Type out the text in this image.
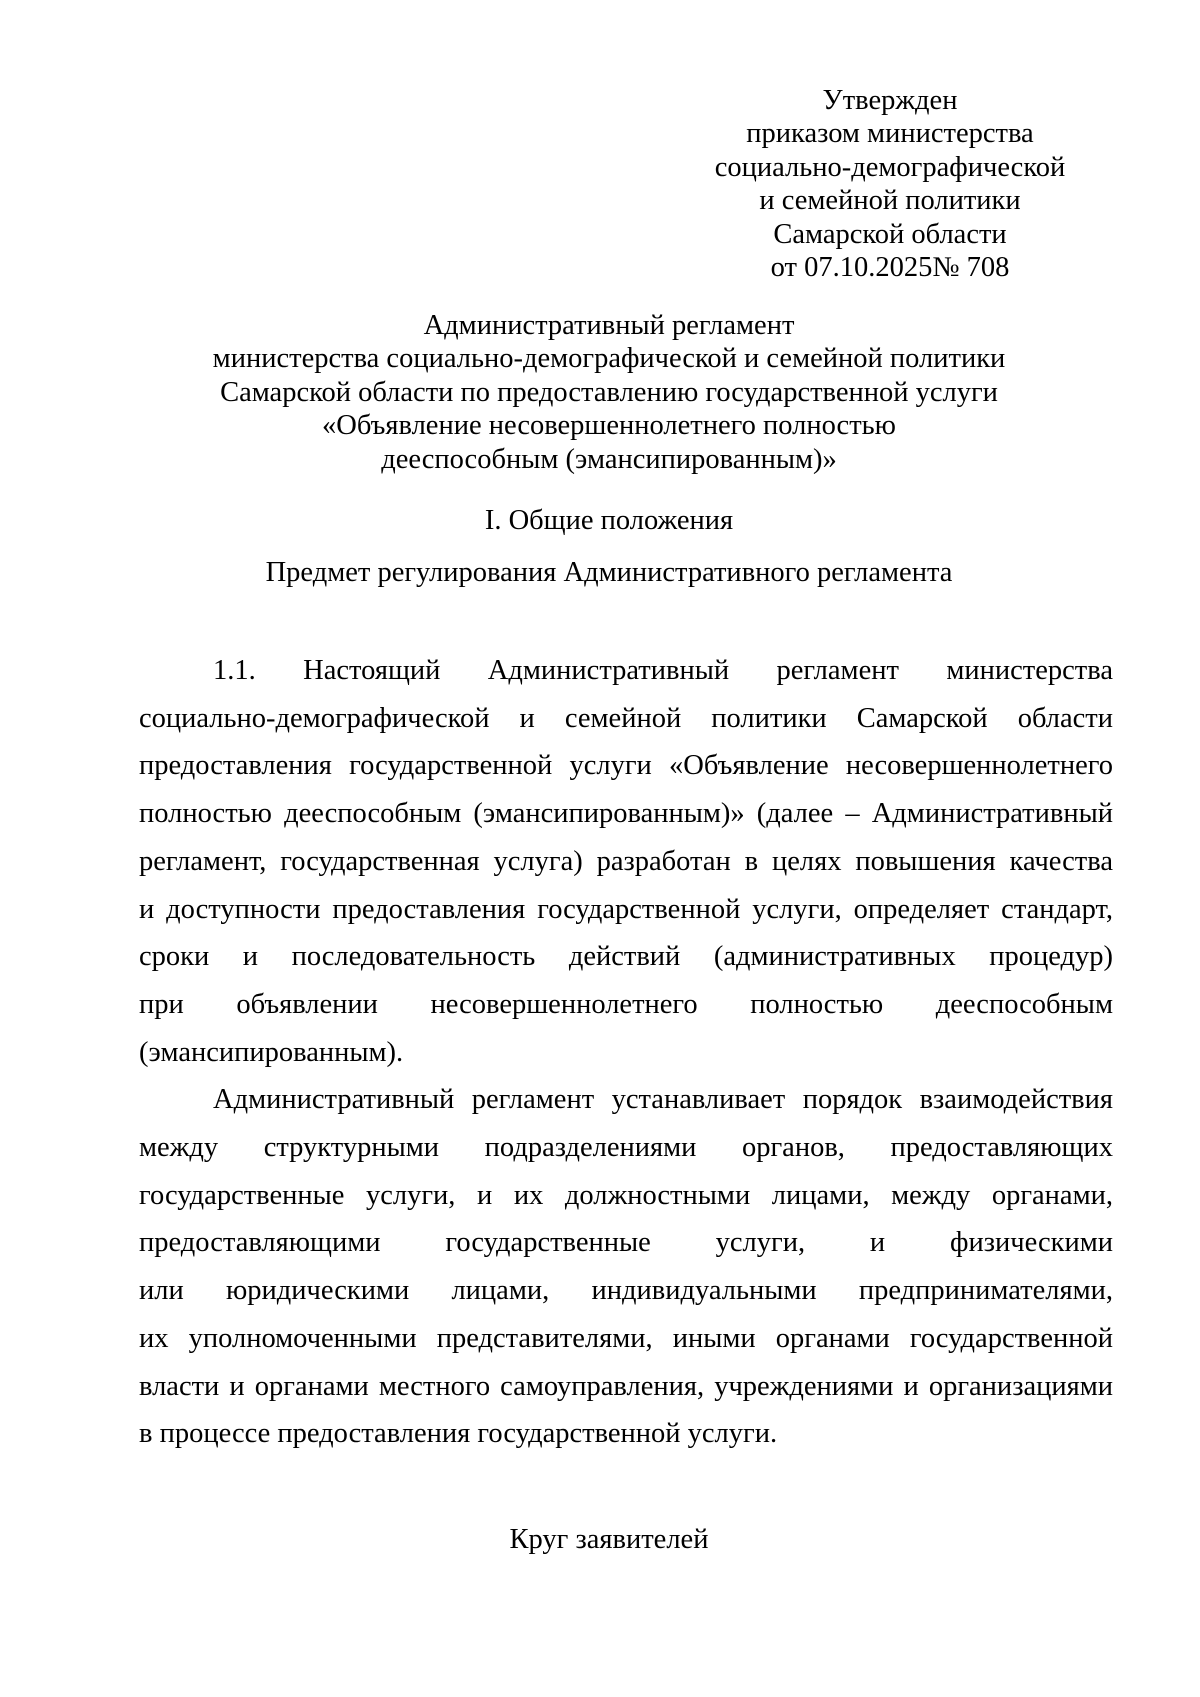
Утвержден
приказом министерства
социально-демографической
и семейной политики
Самарской области
от 07.10.2025№ 708
Административный регламент
министерства социально-демографической и семейной политики
Самарской области по предоставлению государственной услуги
«Объявление несовершеннолетнего полностью
дееспособным (эмансипированным)»
I. Общие положения
Предмет регулирования Административного регламента
1.1. Настоящий Административный регламент министерства
социально-демографической и семейной политики Самарской области
предоставления государственной услуги «Объявление несовершеннолетнего
полностью дееспособным (эмансипированным)» (далее – Административный
регламент, государственная услуга) разработан в целях повышения качества
и доступности предоставления государственной услуги, определяет стандарт,
сроки и последовательность действий (административных процедур)
при объявлении несовершеннолетнего полностью дееспособным
(эмансипированным).
Административный регламент устанавливает порядок взаимодействия
между структурными подразделениями органов, предоставляющих
государственные услуги, и их должностными лицами, между органами,
предоставляющими государственные услуги, и физическими
или юридическими лицами, индивидуальными предпринимателями,
их уполномоченными представителями, иными органами государственной
власти и органами местного самоуправления, учреждениями и организациями
в процессе предоставления государственной услуги.
Круг заявителей
